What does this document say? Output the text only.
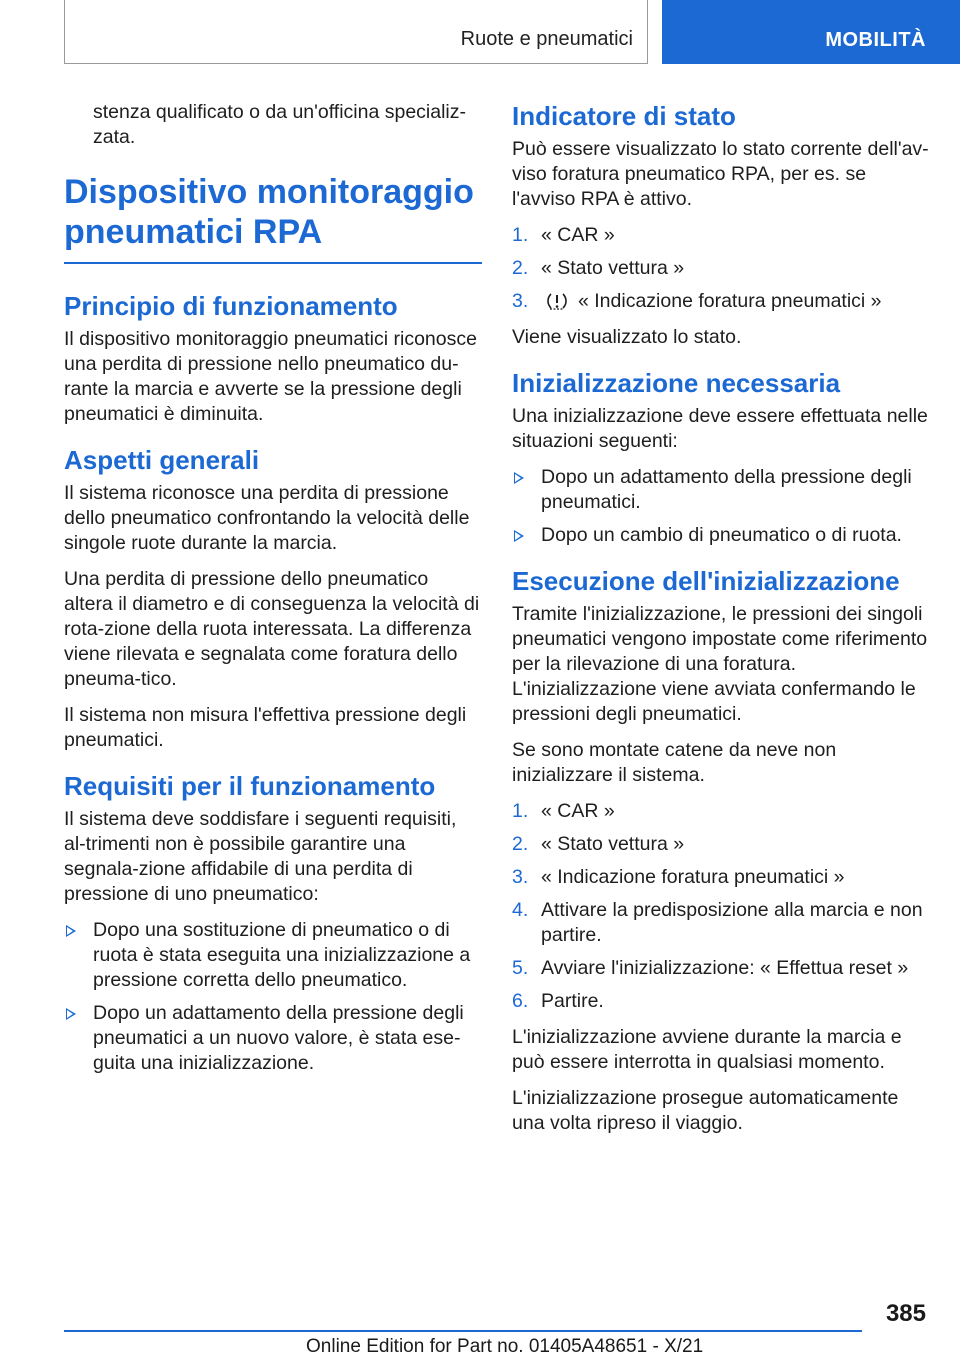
Ruote e pneumatici	MOBILITÀ

stenza qualificato o da un'officina specializ-
zata.

Dispositivo monitoraggio pneumatici RPA
Principio di funzionamento

Il dispositivo monitoraggio pneumatici riconosce una perdita di pressione nello pneumatico du-rante la marcia e avverte se la pressione degli pneumatici è diminuita.

Aspetti generali

Il sistema riconosce una perdita di pressione dello pneumatico confrontando la velocità delle singole ruote durante la marcia.

Una perdita di pressione dello pneumatico altera il diametro e di conseguenza la velocità di rota-zione della ruota interessata. La differenza viene rilevata e segnalata come foratura dello pneuma-tico.

Il sistema non misura l'effettiva pressione degli pneumatici.

Requisiti per il funzionamento

Il sistema deve soddisfare i seguenti requisiti, al-trimenti non è possibile garantire una segnala-zione affidabile di una perdita di pressione di uno pneumatico:

Dopo una sostituzione di pneumatico o di ruota è stata eseguita una inizializzazione a pressione corretta dello pneumatico.
Dopo un adattamento della pressione degli pneumatici a un nuovo valore, è stata ese-guita una inizializzazione.
Indicatore di stato

Può essere visualizzato lo stato corrente dell'av-viso foratura pneumatico RPA, per es. se l'avviso RPA è attivo.

1. « CAR »
2. « Stato vettura »
3.	« Indicazione foratura pneumatici »

Viene visualizzato lo stato.

Inizializzazione necessaria

Una inizializzazione deve essere effettuata nelle situazioni seguenti:

Dopo un adattamento della pressione degli pneumatici.
Dopo un cambio di pneumatico o di ruota.
Esecuzione dell'inizializzazione

Tramite l'inizializzazione, le pressioni dei singoli pneumatici vengono impostate come riferimento per la rilevazione di una foratura. L'inizializzazione viene avviata confermando le pressioni degli pneumatici.

Se sono montate catene da neve non inizializzare il sistema.

1. « CAR »
2. « Stato vettura »
3. « Indicazione foratura pneumatici »
4. Attivare la predisposizione alla marcia e non partire.
5. Avviare l'inizializzazione: « Effettua reset »
6. Partire.

L'inizializzazione avviene durante la marcia e può essere interrotta in qualsiasi momento.

L'inizializzazione prosegue automaticamente una volta ripreso il viaggio.

385
Online Edition for Part no. 01405A48651 - X/21
